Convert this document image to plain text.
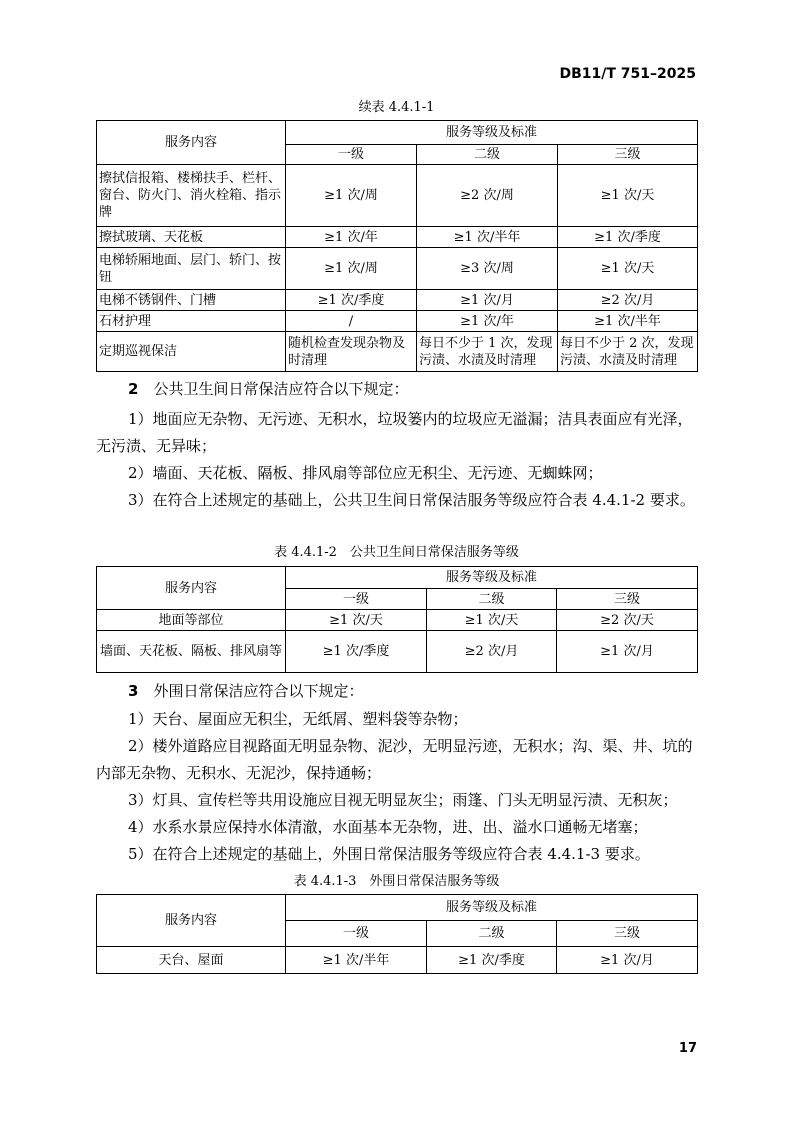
DB11/T 751–2025
续表 4.4.1-1
服务内容	服务等级及标准		
	一级	二级	三级
擦拭信报箱、楼梯扶手、栏杆、窗台、防火门、消火栓箱、指示牌	≥1 次/周	≥2 次/周	≥1 次/天
擦拭玻璃、天花板	≥1 次/年	≥1 次/半年	≥1 次/季度
电梯轿厢地面、层门、轿门、按钮	≥1 次/周	≥3 次/周	≥1 次/天
电梯不锈钢件、门槽	≥1 次/季度	≥1 次/月	≥2 次/月
石材护理	/	≥1 次/年	≥1 次/半年
定期巡视保洁	随机检查发现杂物及时清理	每日不少于 1 次，发现污渍、水渍及时清理	每日不少于 2 次，发现污渍、水渍及时清理
2　 公共卫生间日常保洁应符合以下规定：
1）地面应无杂物、无污迹、无积水，垃圾篓内的垃圾应无溢漏；洁具表面应有光泽，无污渍、无异味；
2）墙面、天花板、隔板、排风扇等部位应无积尘、无污迹、无蜘蛛网；
3）在符合上述规定的基础上，公共卫生间日常保洁服务等级应符合表 4.4.1-2 要求。
表 4.4.1-2　公共卫生间日常保洁服务等级
服务内容	服务等级及标准		
	一级	二级	三级
地面等部位	≥1 次/天	≥1 次/天	≥2 次/天
墙面、天花板、隔板、排风扇等	≥1 次/季度	≥2 次/月	≥1 次/月
3　 外围日常保洁应符合以下规定：
1）天台、屋面应无积尘，无纸屑、塑料袋等杂物；
2）楼外道路应目视路面无明显杂物、泥沙，无明显污迹，无积水；沟、渠、井、坑的内部无杂物、无积水、无泥沙，保持通畅；
3）灯具、宣传栏等共用设施应目视无明显灰尘；雨篷、门头无明显污渍、无积灰；
4）水系水景应保持水体清澈，水面基本无杂物，进、出、溢水口通畅无堵塞；
5）在符合上述规定的基础上，外围日常保洁服务等级应符合表 4.4.1-3 要求。
表 4.4.1-3　外围日常保洁服务等级
服务内容	服务等级及标准		
	一级	二级	三级
天台、屋面	≥1 次/半年	≥1 次/季度	≥1 次/月
17
